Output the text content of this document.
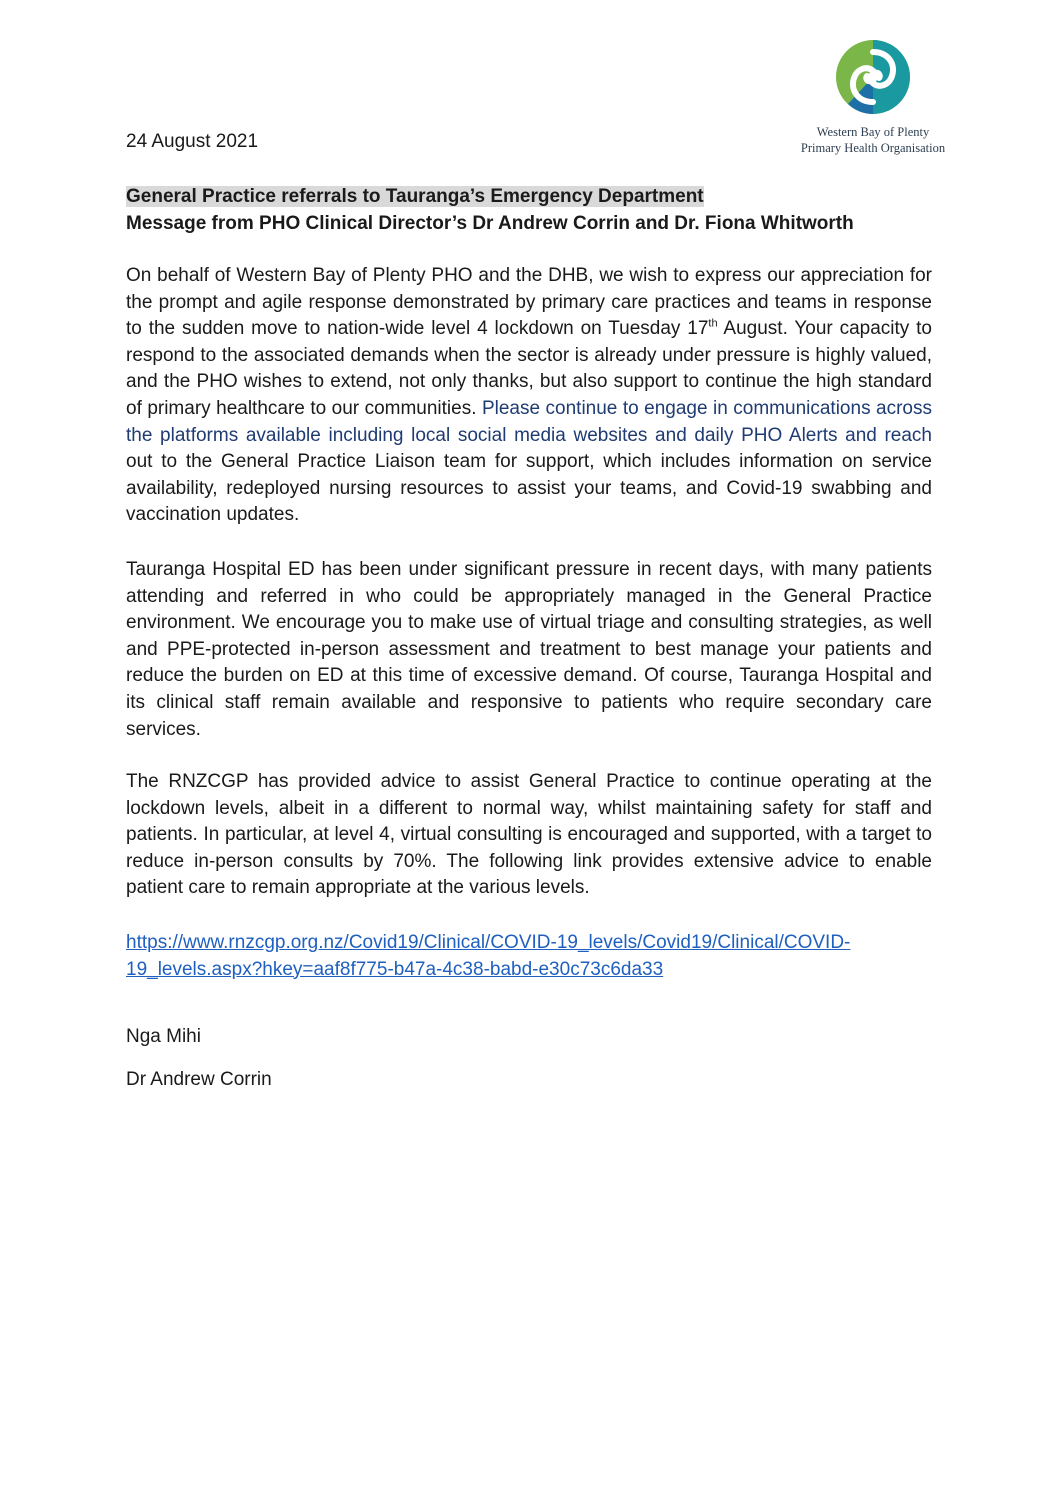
24 August 2021	Western Bay of Plenty
Primary Health Organisation
General Practice referrals to Tauranga’s Emergency Department
Message from PHO Clinical Director’s Dr Andrew Corrin and Dr. Fiona Whitworth
On behalf of Western Bay of Plenty PHO and the DHB, we wish to express our appreciation for the prompt and agile response demonstrated by primary care practices and teams in response to the sudden move to nation-wide level 4 lockdown on Tuesday 17th August. Your capacity to respond to the associated demands when the sector is already under pressure is highly valued, and the PHO wishes to extend, not only thanks, but also support to continue the high standard of primary healthcare to our communities. Please continue to engage in communications across the platforms available including local social media websites and daily PHO Alerts and reach out to the General Practice Liaison team for support, which includes information on service availability, redeployed nursing resources to assist your teams, and Covid-19 swabbing and vaccination updates.
Tauranga Hospital ED has been under significant pressure in recent days, with many patients attending and referred in who could be appropriately managed in the General Practice environment. We encourage you to make use of virtual triage and consulting strategies, as well and PPE-protected in-person assessment and treatment to best manage your patients and reduce the burden on ED at this time of excessive demand. Of course, Tauranga Hospital and its clinical staff remain available and responsive to patients who require secondary care services.
The RNZCGP has provided advice to assist General Practice to continue operating at the lockdown levels, albeit in a different to normal way, whilst maintaining safety for staff and patients. In particular, at level 4, virtual consulting is encouraged and supported, with a target to reduce in-person consults by 70%. The following link provides extensive advice to enable patient care to remain appropriate at the various levels.
https://www.rnzcgp.org.nz/Covid19/Clinical/COVID-19_levels/Covid19/Clinical/COVID-
19_levels.aspx?hkey=aaf8f775-b47a-4c38-babd-e30c73c6da33
Nga Mihi
Dr Andrew Corrin
